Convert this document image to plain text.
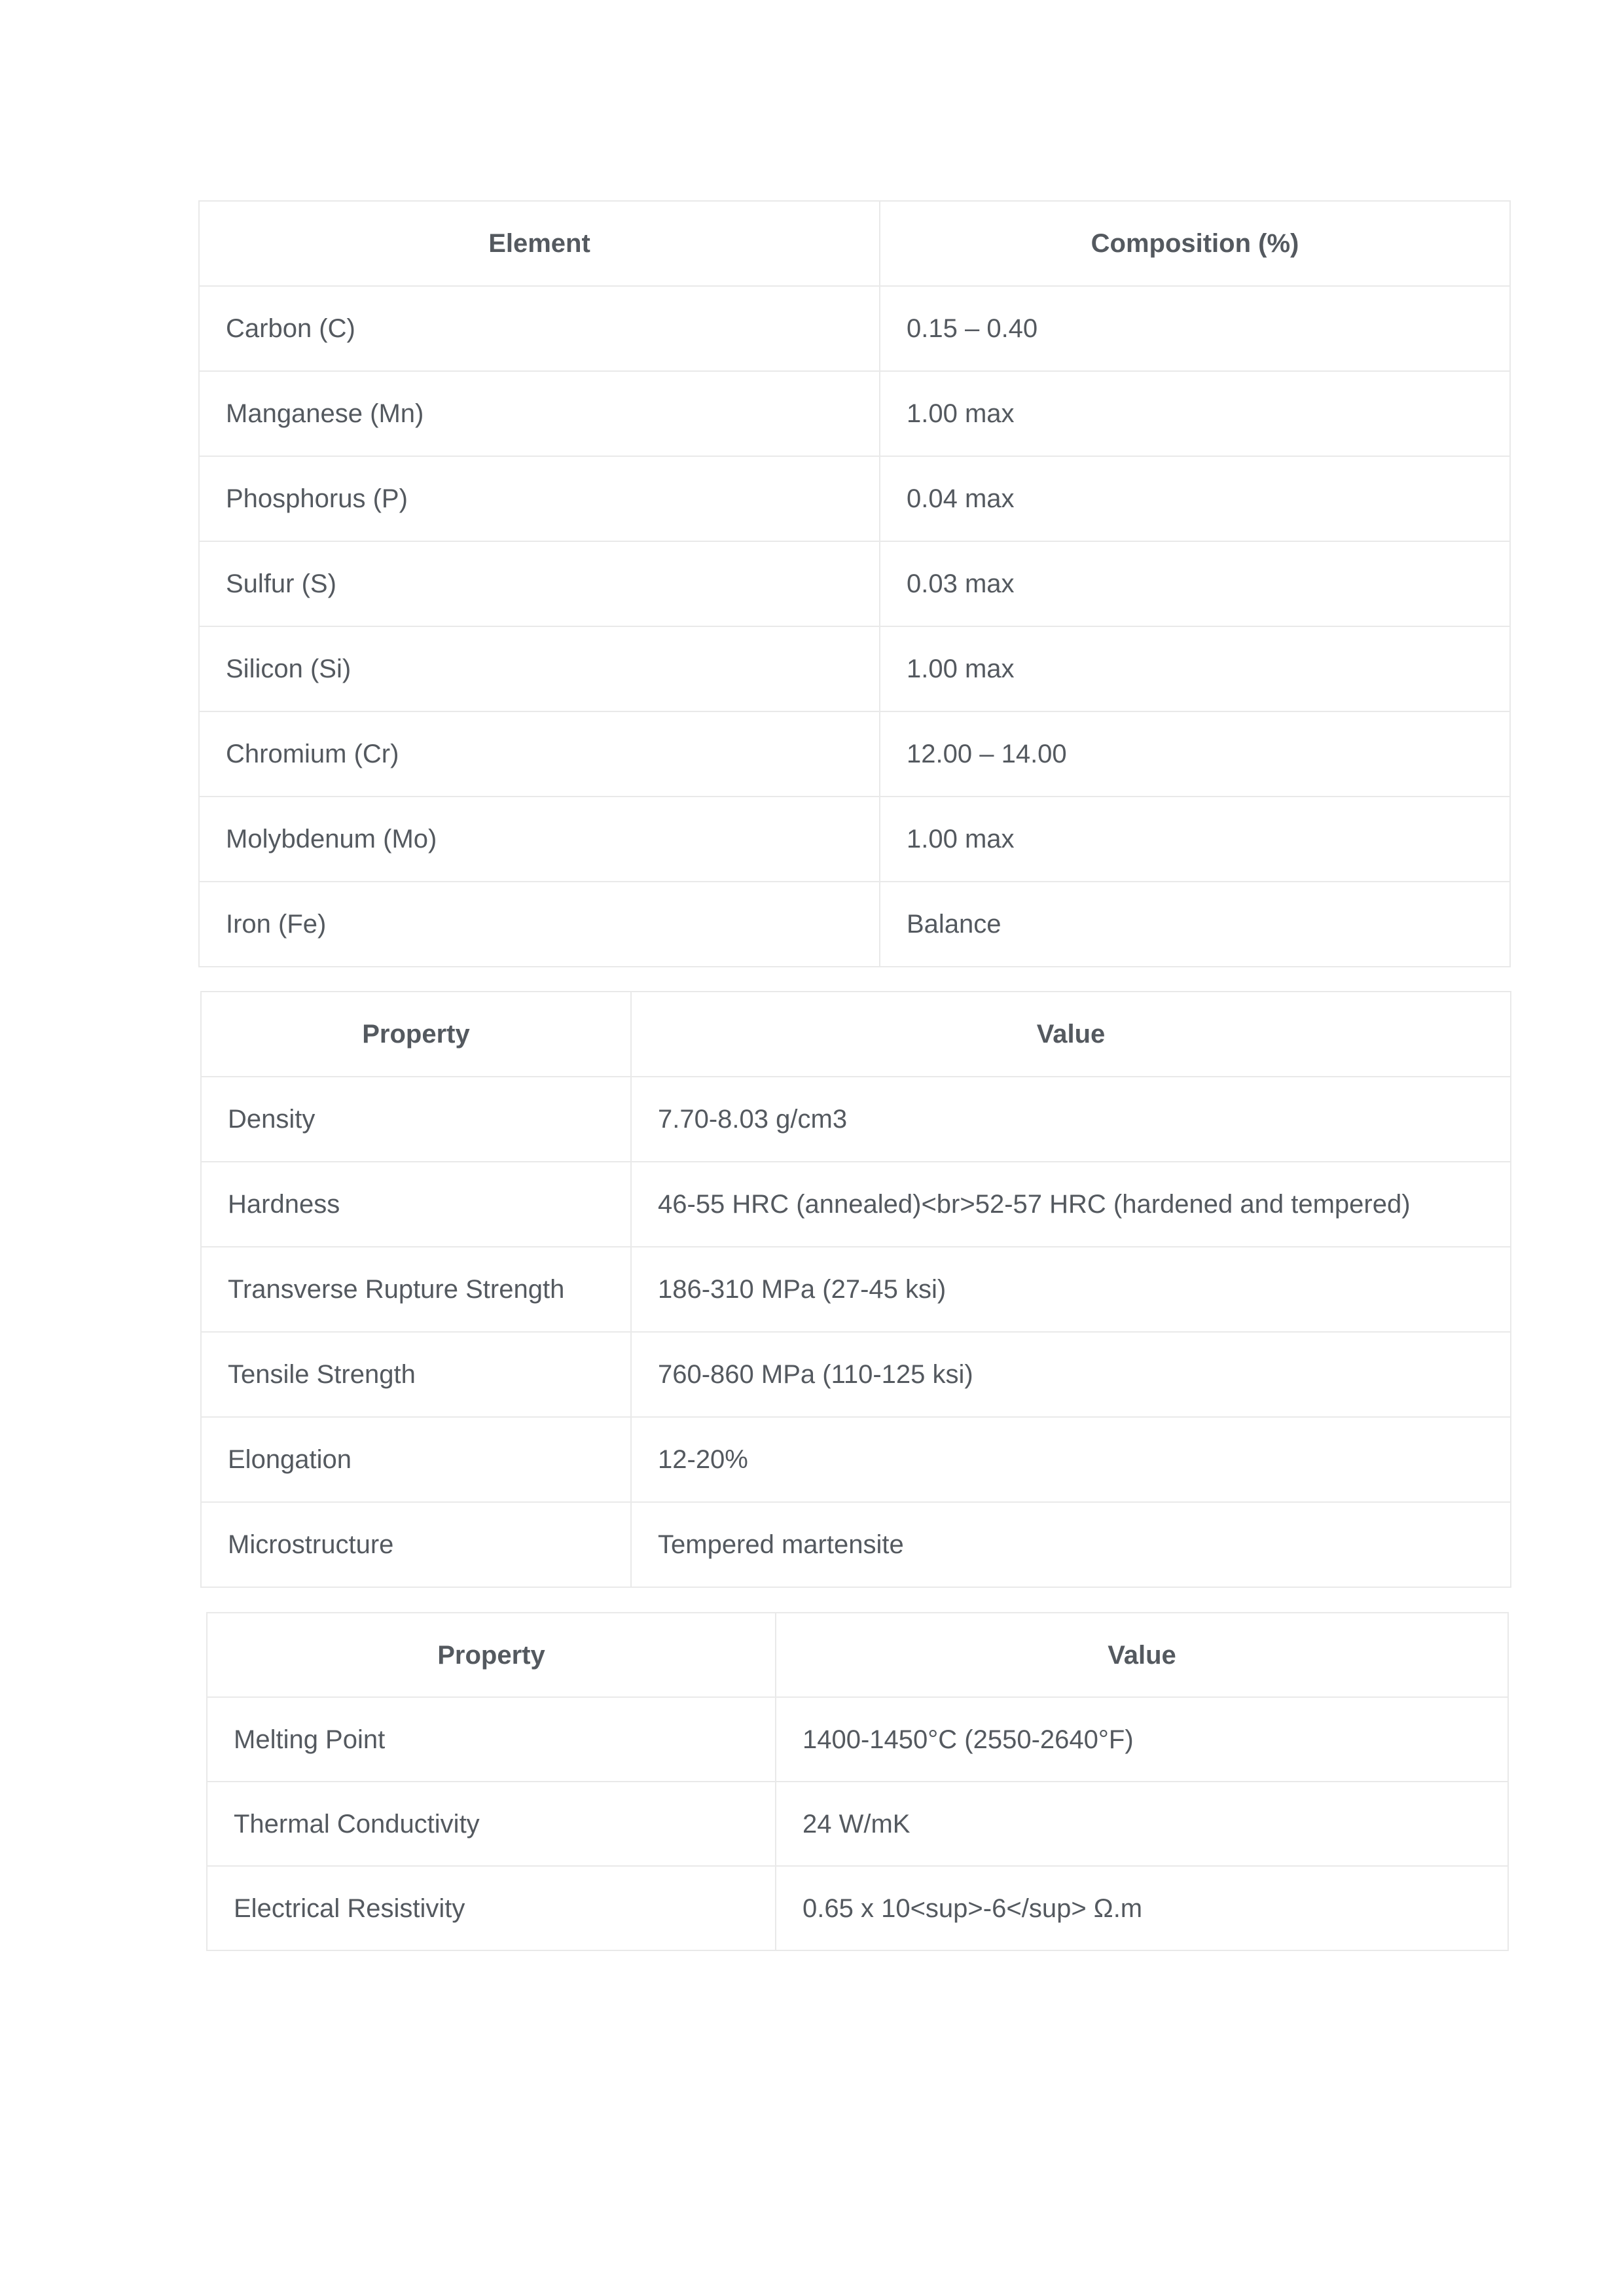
Element	Composition (%)
Carbon (C)	0.15 – 0.40
Manganese (Mn)	1.00 max
Phosphorus (P)	0.04 max
Sulfur (S)	0.03 max
Silicon (Si)	1.00 max
Chromium (Cr)	12.00 – 14.00
Molybdenum (Mo)	1.00 max
Iron (Fe)	Balance
Property	Value
Density	7.70-8.03 g/cm3
Hardness	46-55 HRC (annealed)<br>52-57 HRC (hardened and tempered)
Transverse Rupture Strength	186-310 MPa (27-45 ksi)
Tensile Strength	760-860 MPa (110-125 ksi)
Elongation	12-20%
Microstructure	Tempered martensite
Property	Value
Melting Point	1400-1450°C (2550-2640°F)
Thermal Conductivity	24 W/mK
Electrical Resistivity	0.65 x 10<sup>-6</sup> Ω.m
